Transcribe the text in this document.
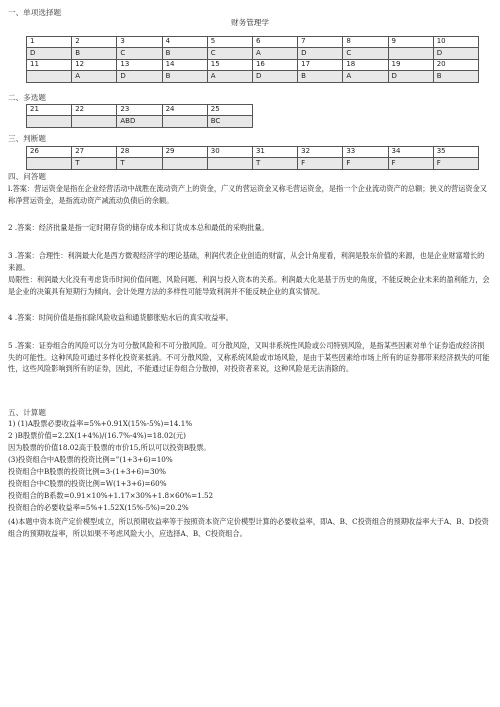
一、单项选择题
财务管理学
1	2	3	4	5	6	7	8	9	10
D	B	C	B	C	A	D	C		D
11	12	13	14	15	16	17	18	19	20
	A	D	B	A	D	B	A	D	B
二、多选题
21	22	23	24	25
		ABD		BC
三、判断题
26	27	28	29	30	31	32	33	34	35
	T	T			T	F	F	F	F
四、问答题
l.答案：营运资金是指在企业经营活动中战胜在流动资产上的资金，广义的营运资金又称毛营运资金，是指一个企业流动资产的总额；狭义的营运资金又称净营运资金，是指流动资产减流动负债后的余额。
2 .答案：经济批量是指一定时期存货的储存成本和订货成本总和最低的采购批量。
3 .答案：合理性：利润最大化是西方微观经济学的理论基础，利润代表企业创造的财富，从会计角度看，利润是股东价值的来源，也是企业财富增长的来源。
局限性：利润最大化没有考虑货币时间价值问题、风险问题、利润与投入资本的关系。利润最大化是基于历史的角度，不能反映企业未来的盈利能力，会是企业的决策具有短期行为倾向。会计处理方法的多样性可能导致利润并不能反映企业的真实情况。
4 .答案：时间价值是指扣除风险收益和通货膨胀贴水后的真实收益率。
5 .答案：证券组合的风险可以分为可分散风险和不可分散风险。可分散风险，又叫非系统性风险或公司特别风险，是指某些因素对单个证券造成经济损失的可能性。这种风险可通过多样化投资来抵消。不可分散风险，又称系统风险或市场风险，是由于某些因素给市场上所有的证券都带来经济损失的可能性，这些风险影响到所有的证券，因此，不能通过证券组合分散掉，对投资者来说，这种风险是无法消除的。
五、计算题
1) (1)A股票必要收益率=5%+0.91X(15%-5%)=14.1%
2 )B股票价值=2.2X(1+4%)/(16.7%-4%)=18.02(元)
因为股票的价值18.02高于股票的市价15,所以可以投资B股票。
(3)投资组合中A股票的投资比例=”(1+3+6)=10%
投资组合中B股票的投资比例=3-(1+3+6)=30%
投资组合中C股票的投资比例=W(1+3+6)=60%
投资组合的B系数=0.91×10%+1.17×30%+1.8×60%=1.52
投资组合的必要收益率=5%+1.52X(15%-5%)=20.2%
(4)本题中资本资产定价模型成立，所以预期收益率等于按照资本资产定价模型计算的必要收益率，即A、B、C投资组合的预期收益率大于A、B、D投资组合的预期收益率，所以如果不考虑风险大小，应选择A、B、C投资组合。
